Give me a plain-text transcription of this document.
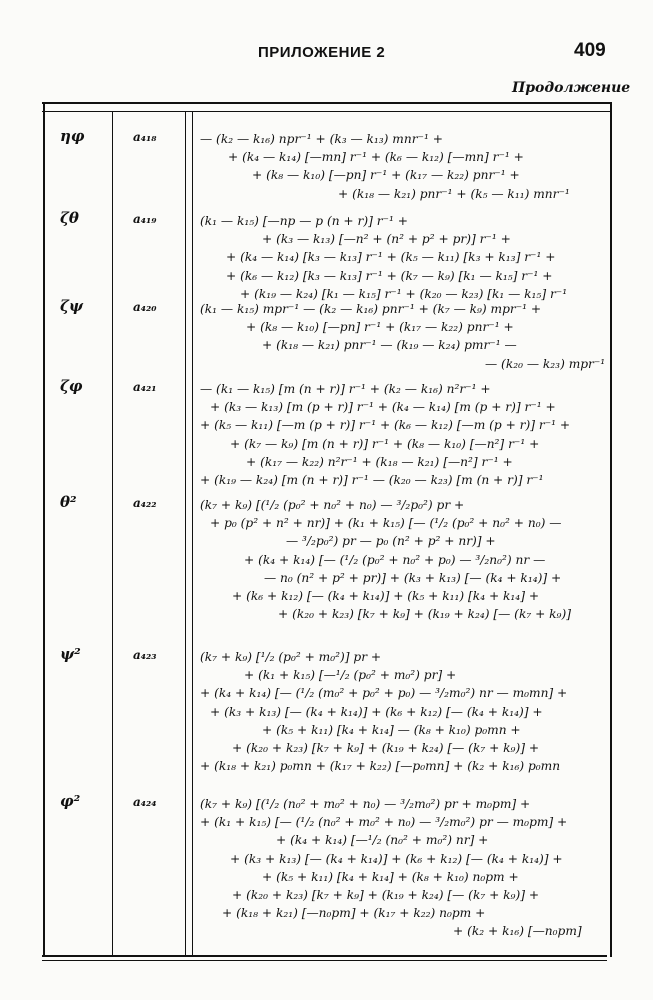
ПРИЛОЖЕНИЕ 2	409
Продолжение
ηφ	a₄₁₈	— (k₂ — k₁₆) npr⁻¹ + (k₃ — k₁₃) mnr⁻¹ +
+ (k₄ — k₁₄) [—mn] r⁻¹ + (k₆ — k₁₂) [—mn] r⁻¹ +
+ (k₈ — k₁₀) [—pn] r⁻¹ + (k₁₇ — k₂₂) pnr⁻¹ +
+ (k₁₈ — k₂₁) pnr⁻¹ + (k₅ — k₁₁) mnr⁻¹
ζθ	a₄₁₉	(k₁ — k₁₅) [—np — p (n + r)] r⁻¹ +
+ (k₃ — k₁₃) [—n² + (n² + p² + pr)] r⁻¹ +
+ (k₄ — k₁₄) [k₃ — k₁₃] r⁻¹ + (k₅ — k₁₁) [k₃ + k₁₃] r⁻¹ +
+ (k₆ — k₁₂) [k₃ — k₁₃] r⁻¹ + (k₇ — k₉) [k₁ — k₁₅] r⁻¹ +
+ (k₁₉ — k₂₄) [k₁ — k₁₅] r⁻¹ + (k₂₀ — k₂₃) [k₁ — k₁₅] r⁻¹
ζψ	a₄₂₀	(k₁ — k₁₅) mpr⁻¹ — (k₂ — k₁₆) pnr⁻¹ + (k₇ — k₉) mpr⁻¹ +
+ (k₈ — k₁₀) [—pn] r⁻¹ + (k₁₇ — k₂₂) pnr⁻¹ +
+ (k₁₈ — k₂₁) pnr⁻¹ — (k₁₉ — k₂₄) pmr⁻¹ —
— (k₂₀ — k₂₃) mpr⁻¹
ζφ	a₄₂₁	— (k₁ — k₁₅) [m (n + r)] r⁻¹ + (k₂ — k₁₆) n²r⁻¹ +
+ (k₃ — k₁₃) [m (p + r)] r⁻¹ + (k₄ — k₁₄) [m (p + r)] r⁻¹ +
+ (k₅ — k₁₁) [—m (p + r)] r⁻¹ + (k₆ — k₁₂) [—m (p + r)] r⁻¹ +
+ (k₇ — k₉) [m (n + r)] r⁻¹ + (k₈ — k₁₀) [—n²] r⁻¹ +
+ (k₁₇ — k₂₂) n²r⁻¹ + (k₁₈ — k₂₁) [—n²] r⁻¹ +
+ (k₁₉ — k₂₄) [m (n + r)] r⁻¹ — (k₂₀ — k₂₃) [m (n + r)] r⁻¹
θ²	a₄₂₂	(k₇ + k₉) [(¹/₂ (p₀² + n₀² + n₀) — ³/₂p₀²) pr +
+ p₀ (p² + n² + nr)] + (k₁ + k₁₅) [— (¹/₂ (p₀² + n₀² + n₀) —
— ³/₂p₀²) pr — p₀ (n² + p² + nr)] +
+ (k₄ + k₁₄) [— (¹/₂ (p₀² + n₀² + p₀) — ³/₂n₀²) nr —
— n₀ (n² + p² + pr)] + (k₃ + k₁₃) [— (k₄ + k₁₄)] +
+ (k₆ + k₁₂) [— (k₄ + k₁₄)] + (k₅ + k₁₁) [k₄ + k₁₄] +
+ (k₂₀ + k₂₃) [k₇ + k₉] + (k₁₉ + k₂₄) [— (k₇ + k₉)]
ψ²	a₄₂₃	(k₇ + k₉) [¹/₂ (p₀² + m₀²)] pr +
+ (k₁ + k₁₅) [—¹/₂ (p₀² + m₀²) pr] +
+ (k₄ + k₁₄) [— (¹/₂ (m₀² + p₀² + p₀) — ³/₂m₀²) nr — m₀mn] +
+ (k₃ + k₁₃) [— (k₄ + k₁₄)] + (k₆ + k₁₂) [— (k₄ + k₁₄)] +
+ (k₅ + k₁₁) [k₄ + k₁₄] — (k₈ + k₁₀) p₀mn +
+ (k₂₀ + k₂₃) [k₇ + k₉] + (k₁₉ + k₂₄) [— (k₇ + k₉)] +
+ (k₁₈ + k₂₁) p₀mn + (k₁₇ + k₂₂) [—p₀mn] + (k₂ + k₁₆) p₀mn
φ²	a₄₂₄	(k₇ + k₉) [(¹/₂ (n₀² + m₀² + n₀) — ³/₂m₀²) pr + m₀pm] +
+ (k₁ + k₁₅) [— (¹/₂ (n₀² + m₀² + n₀) — ³/₂m₀²) pr — m₀pm] +
+ (k₄ + k₁₄) [—¹/₂ (n₀² + m₀²) nr] +
+ (k₃ + k₁₃) [— (k₄ + k₁₄)] + (k₆ + k₁₂) [— (k₄ + k₁₄)] +
+ (k₅ + k₁₁) [k₄ + k₁₄] + (k₈ + k₁₀) n₀pm +
+ (k₂₀ + k₂₃) [k₇ + k₉] + (k₁₉ + k₂₄) [— (k₇ + k₉)] +
+ (k₁₈ + k₂₁) [—n₀pm] + (k₁₇ + k₂₂) n₀pm +
+ (k₂ + k₁₆) [—n₀pm]
